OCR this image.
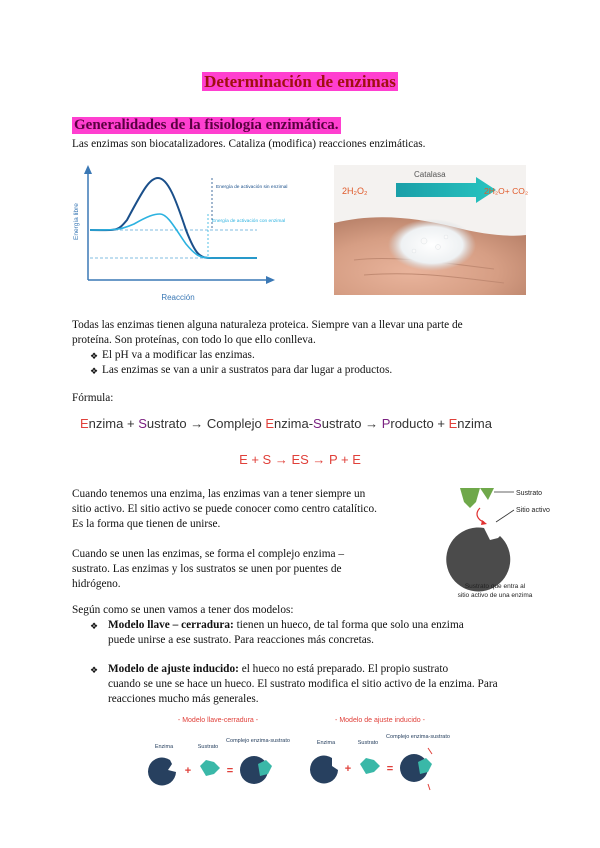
Determinación de enzimas
Generalidades de la fisiología enzimática.
Las enzimas son biocatalizadores. Cataliza (modifica) reacciones enzimáticas.
Energía libre
Reacción
Energía de activación sin enzimal
Energía de activación con enzimal
Catalasa
2H₂O₂	2H₂O+ CO₂
Todas las enzimas tienen alguna naturaleza proteica. Siempre van a llevar una parte de
proteína. Son proteínas, con todo lo que ello conlleva.
❖ El pH va a modificar las enzimas.
❖ Las enzimas se van a unir a sustratos para dar lugar a productos.
Fórmula:
Enzima + Sustrato → Complejo Enzima-Sustrato → Producto + Enzima
E + S → ES → P + E
Cuando tenemos una enzima, las enzimas van a tener siempre un
sitio activo. El sitio activo se puede conocer como centro catalítico.
Es la forma que tienen de unirse.
Cuando se unen las enzimas, se forma el complejo enzima –
sustrato. Las enzimas y los sustratos se unen por puentes de
hidrógeno.
Sustrato
Sitio activo
Sustrato que entra al
sitio activo de una enzima
Según como se unen vamos a tener dos modelos:
❖ Modelo llave – cerradura: tienen un hueco, de tal forma que solo una enzima
puede unirse a ese sustrato. Para reacciones más concretas.
❖ Modelo de ajuste inducido: el hueco no está preparado. El propio sustrato
cuando se une se hace un hueco. El sustrato modifica el sitio activo de la enzima. Para
reacciones mucho más generales.
- Modelo llave-cerradura -
Enzima	Sustrato
Complejo enzima-sustrato
+	=
- Modelo de ajuste inducido -
Enzima	Sustrato
Complejo enzima-sustrato
+	=
